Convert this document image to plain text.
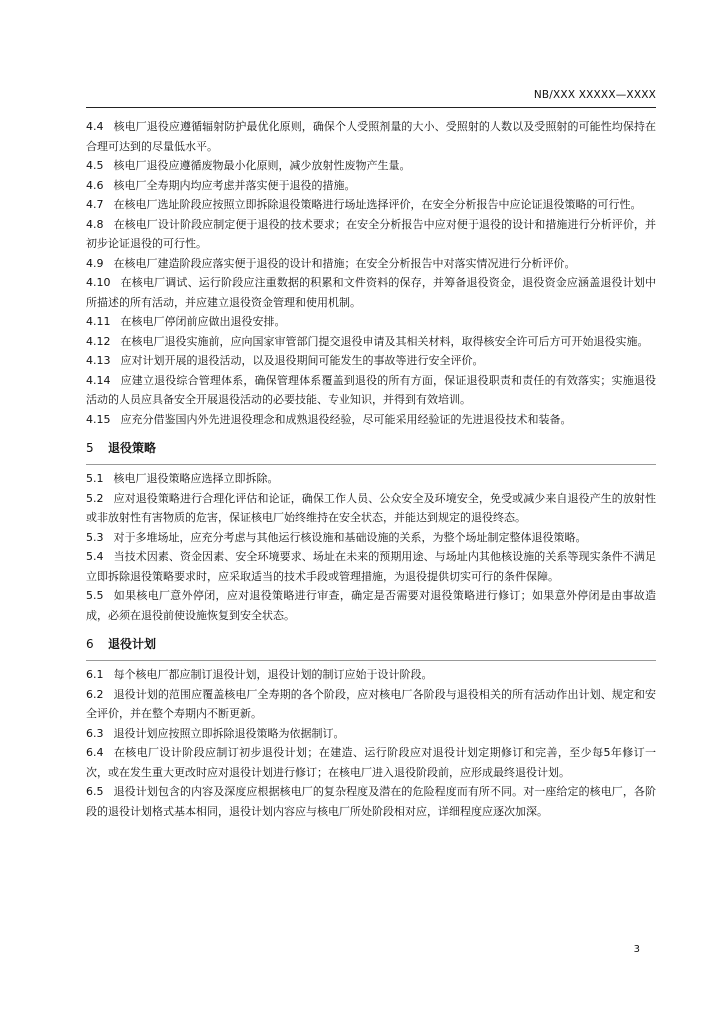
NB/XXX XXXXX—XXXX

4.4 核电厂退役应遵循辐射防护最优化原则，确保个人受照剂量的大小、受照射的人数以及受照射的可能性均保持在合理可达到的尽量低水平。

4.5 核电厂退役应遵循废物最小化原则，减少放射性废物产生量。

4.6 核电厂全寿期内均应考虑并落实便于退役的措施。

4.7 在核电厂选址阶段应按照立即拆除退役策略进行场址选择评价，在安全分析报告中应论证退役策略的可行性。

4.8 在核电厂设计阶段应制定便于退役的技术要求；在安全分析报告中应对便于退役的设计和措施进行分析评价，并初步论证退役的可行性。

4.9 在核电厂建造阶段应落实便于退役的设计和措施；在安全分析报告中对落实情况进行分析评价。

4.10 在核电厂调试、运行阶段应注重数据的积累和文件资料的保存，并筹备退役资金，退役资金应涵盖退役计划中所描述的所有活动，并应建立退役资金管理和使用机制。

4.11 在核电厂停闭前应做出退役安排。

4.12 在核电厂退役实施前，应向国家审管部门提交退役申请及其相关材料，取得核安全许可后方可开始退役实施。

4.13 应对计划开展的退役活动，以及退役期间可能发生的事故等进行安全评价。

4.14 应建立退役综合管理体系，确保管理体系覆盖到退役的所有方面，保证退役职责和责任的有效落实；实施退役活动的人员应具备安全开展退役活动的必要技能、专业知识，并得到有效培训。

4.15 应充分借鉴国内外先进退役理念和成熟退役经验，尽可能采用经验证的先进退役技术和装备。

5 退役策略

5.1 核电厂退役策略应选择立即拆除。

5.2 应对退役策略进行合理化评估和论证，确保工作人员、公众安全及环境安全，免受或减少来自退役产生的放射性或非放射性有害物质的危害，保证核电厂始终维持在安全状态，并能达到规定的退役终态。

5.3 对于多堆场址，应充分考虑与其他运行核设施和基础设施的关系，为整个场址制定整体退役策略。

5.4 当技术因素、资金因素、安全环境要求、场址在未来的预期用途、与场址内其他核设施的关系等现实条件不满足立即拆除退役策略要求时，应采取适当的技术手段或管理措施，为退役提供切实可行的条件保障。

5.5 如果核电厂意外停闭，应对退役策略进行审查，确定是否需要对退役策略进行修订；如果意外停闭是由事故造成，必须在退役前使设施恢复到安全状态。

6 退役计划

6.1 每个核电厂都应制订退役计划，退役计划的制订应始于设计阶段。

6.2 退役计划的范围应覆盖核电厂全寿期的各个阶段，应对核电厂各阶段与退役相关的所有活动作出计划、规定和安全评价，并在整个寿期内不断更新。

6.3 退役计划应按照立即拆除退役策略为依据制订。

6.4 在核电厂设计阶段应制订初步退役计划；在建造、运行阶段应对退役计划定期修订和完善，至少每5年修订一次，或在发生重大更改时应对退役计划进行修订；在核电厂进入退役阶段前，应形成最终退役计划。

6.5 退役计划包含的内容及深度应根据核电厂的复杂程度及潜在的危险程度而有所不同。对一座给定的核电厂，各阶段的退役计划格式基本相同，退役计划内容应与核电厂所处阶段相对应，详细程度应逐次加深。

3
